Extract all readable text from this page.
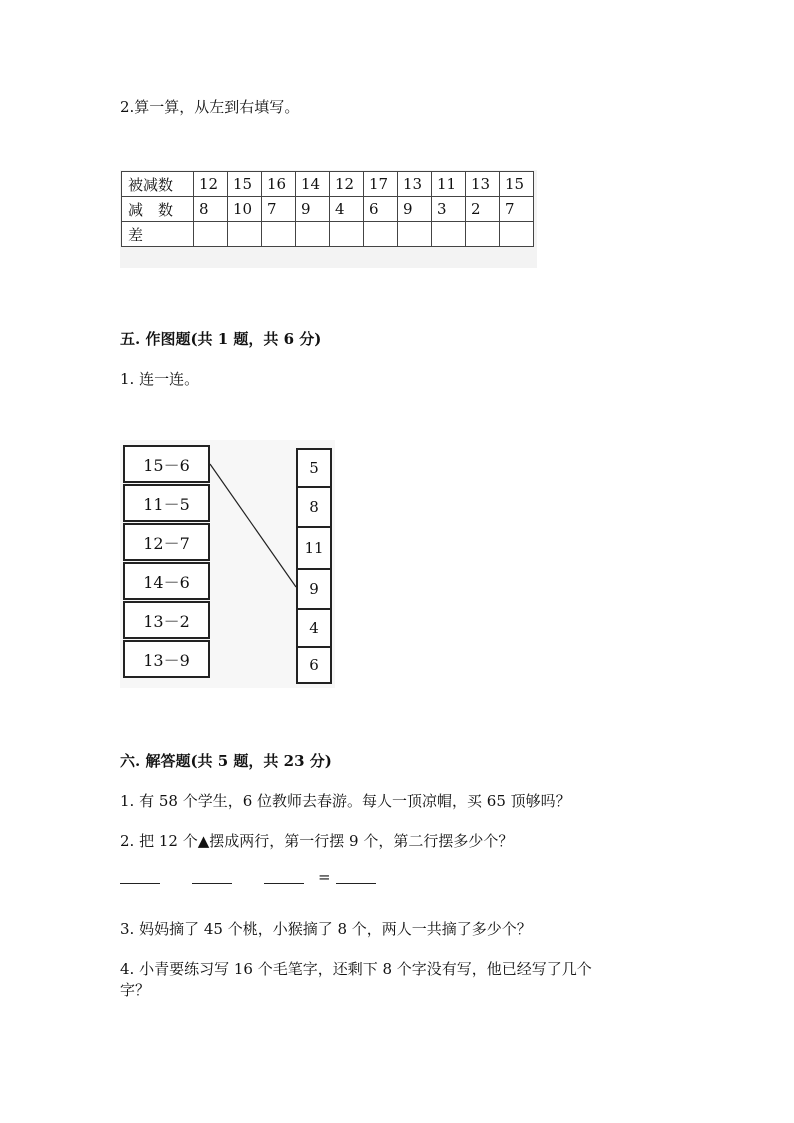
2.算一算，从左到右填写。
被减数	12	15	16	14	12	17	13	11	13	15
减　数	8	10	7	9	4	6	9	3	2	7
差										
五. 作图题(共 1 题，共 6 分)
1. 连一连。
15－6
11－5
12－7
14－6
13－2
13－9
5
8
11
9
4
6
六. 解答题(共 5 题，共 23 分)
1. 有 58 个学生，6 位教师去春游。每人一顶凉帽，买 65 顶够吗？
2. 把 12 个▲摆成两行，第一行摆 9 个，第二行摆多少个？
=
3. 妈妈摘了 45 个桃，小猴摘了 8 个，两人一共摘了多少个？
4. 小青要练习写 16 个毛笔字，还剩下 8 个字没有写，他已经写了几个
字？
